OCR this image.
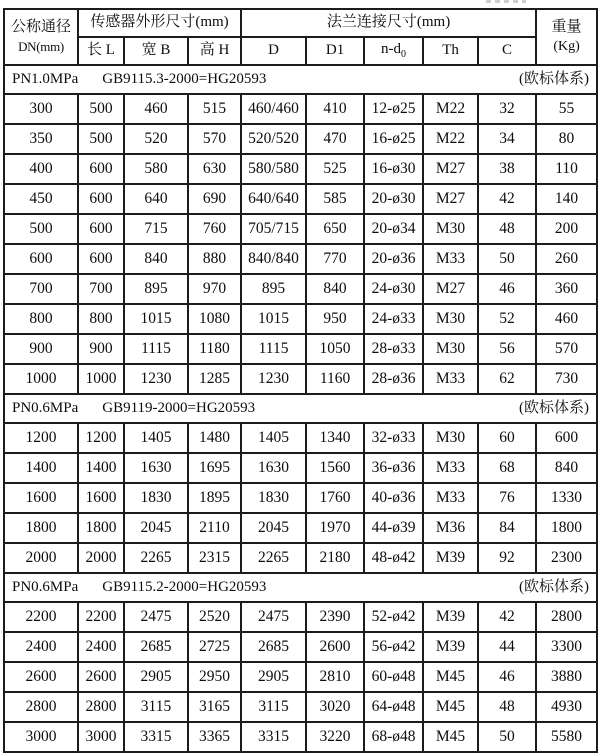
公称通径
DN(mm)
	传感器外形尺寸(mm)	法兰连接尺寸(mm)	重量
(Kg)

	长 L	宽 B	高 H	D	D1	$n-d_0$	Th	C	

PN1.0MPa GB9115.3-2000=HG20593 (欧标体系)									

300	500	460	515	460/460	410	12-ø25	M22	32	55
350	500	520	570	520/520	470	16-ø25	M22	34	80
400	600	580	630	580/580	525	16-ø30	M27	38	110
450	600	640	690	640/640	585	20-ø30	M27	42	140
500	600	715	760	705/715	650	20-ø34	M30	48	200
600	600	840	880	840/840	770	20-ø36	M33	50	260
700	700	895	970	895	840	24-ø30	M27	46	360
800	800	1015	1080	1015	950	24-ø33	M30	52	460
900	900	1115	1180	1115	1050	28-ø33	M30	56	570
1000	1000	1230	1285	1230	1160	28-ø36	M33	62	730

PN0.6MPa GB9119-2000=HG20593 (欧标体系)									

1200	1200	1405	1480	1405	1340	32-ø33	M30	60	600
1400	1400	1630	1695	1630	1560	36-ø36	M33	68	840
1600	1600	1830	1895	1830	1760	40-ø36	M33	76	1330
1800	1800	2045	2110	2045	1970	44-ø39	M36	84	1800
2000	2000	2265	2315	2265	2180	48-ø42	M39	92	2300

PN0.6MPa GB9115.2-2000=HG20593 (欧标体系)									

2200	2200	2475	2520	2475	2390	52-ø42	M39	42	2800
2400	2400	2685	2725	2685	2600	56-ø42	M39	44	3300
2600	2600	2905	2950	2905	2810	60-ø48	M45	46	3880
2800	2800	3115	3165	3115	3020	64-ø48	M45	48	4930
3000	3000	3315	3365	3315	3220	68-ø48	M45	50	5580
